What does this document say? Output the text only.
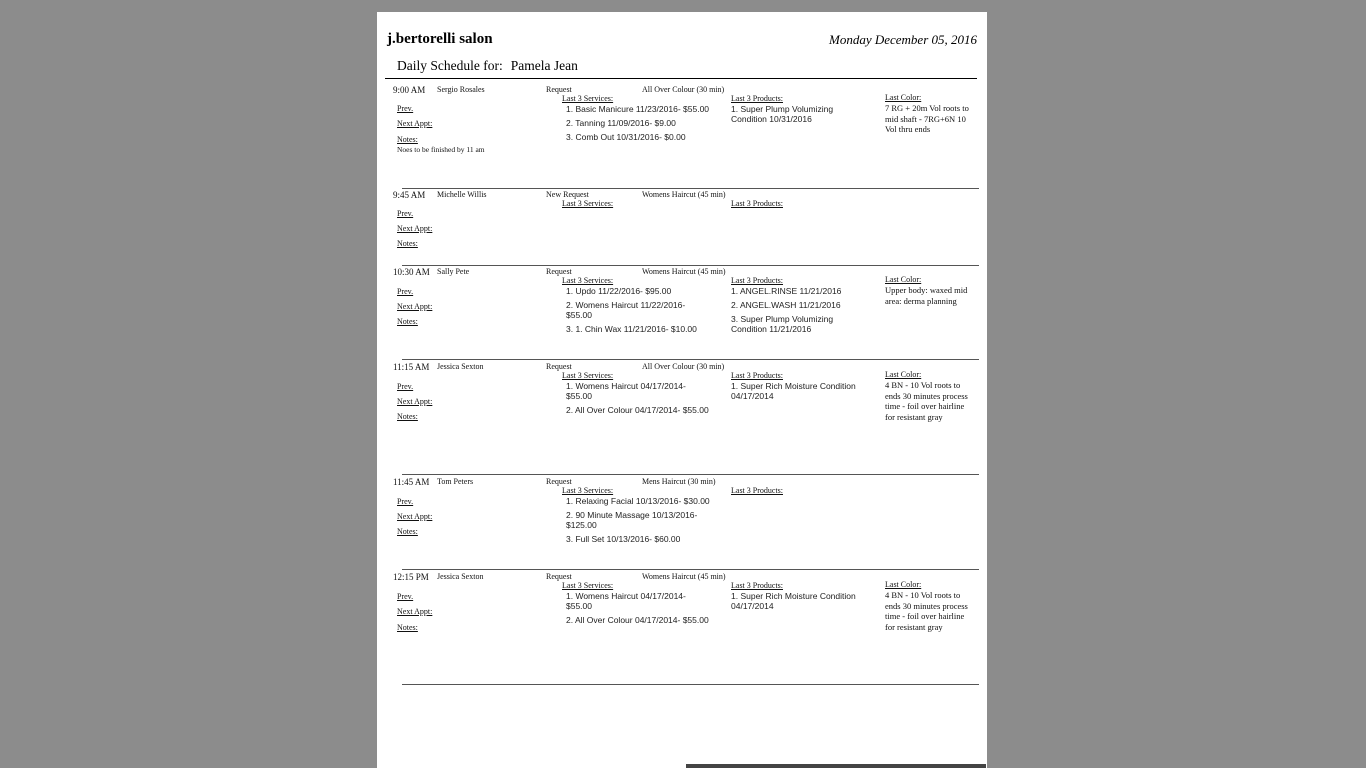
j.bertorelli salon	Monday December 05, 2016
Daily Schedule for: Pamela Jean
9:00 AM	Sergio Rosales	Request	All Over Colour (30 min)
Prev.
Next Appt:
Notes:
Noes to be finished by 11 am
Last 3 Services:
1. Basic Manicure 11/23/2016- $55.00
2. Tanning 11/09/2016- $9.00
3. Comb Out 10/31/2016- $0.00
Last 3 Products:
1. Super Plump Volumizing Condition 10/31/2016
Last Color:
7 RG + 20m Vol roots to mid shaft - 7RG+6N 10 Vol thru ends
9:45 AM	Michelle Willis	New Request	Womens Haircut (45 min)
Prev.
Next Appt:
Notes:
Last 3 Services:	Last 3 Products:
10:30 AM Sally Pete	Request	Womens Haircut (45 min)
Prev.
Next Appt:
Notes:
Last 3 Services:
1. Updo 11/22/2016- $95.00
2. Womens Haircut 11/22/2016- $55.00
3. 1. Chin Wax 11/21/2016- $10.00
Last 3 Products:
1. ANGEL.RINSE 11/21/2016
2. ANGEL.WASH 11/21/2016
3. Super Plump Volumizing Condition 11/21/2016
Last Color:
Upper body: waxed mid area: derma planning
11:15 AM Jessica Sexton	Request	All Over Colour (30 min)
Prev.
Next Appt:
Notes:
Last 3 Services:
1. Womens Haircut 04/17/2014- $55.00
2. All Over Colour 04/17/2014- $55.00
Last 3 Products:
1. Super Rich Moisture Condition 04/17/2014
Last Color:
4 BN - 10 Vol roots to ends 30 minutes process time - foil over hairline for resistant gray
11:45 AM Tom Peters	Request	Mens Haircut (30 min)
Prev.
Next Appt:
Notes:
Last 3 Services:
1. Relaxing Facial 10/13/2016- $30.00
2. 90 Minute Massage 10/13/2016- $125.00
3. Full Set 10/13/2016- $60.00
Last 3 Products:
12:15 PM	Jessica Sexton	Request	Womens Haircut (45 min)
Prev.
Next Appt:
Notes:
Last 3 Services:
1. Womens Haircut 04/17/2014- $55.00
2. All Over Colour 04/17/2014- $55.00
Last 3 Products:
1. Super Rich Moisture Condition 04/17/2014
Last Color:
4 BN - 10 Vol roots to ends 30 minutes process time - foil over hairline for resistant gray
